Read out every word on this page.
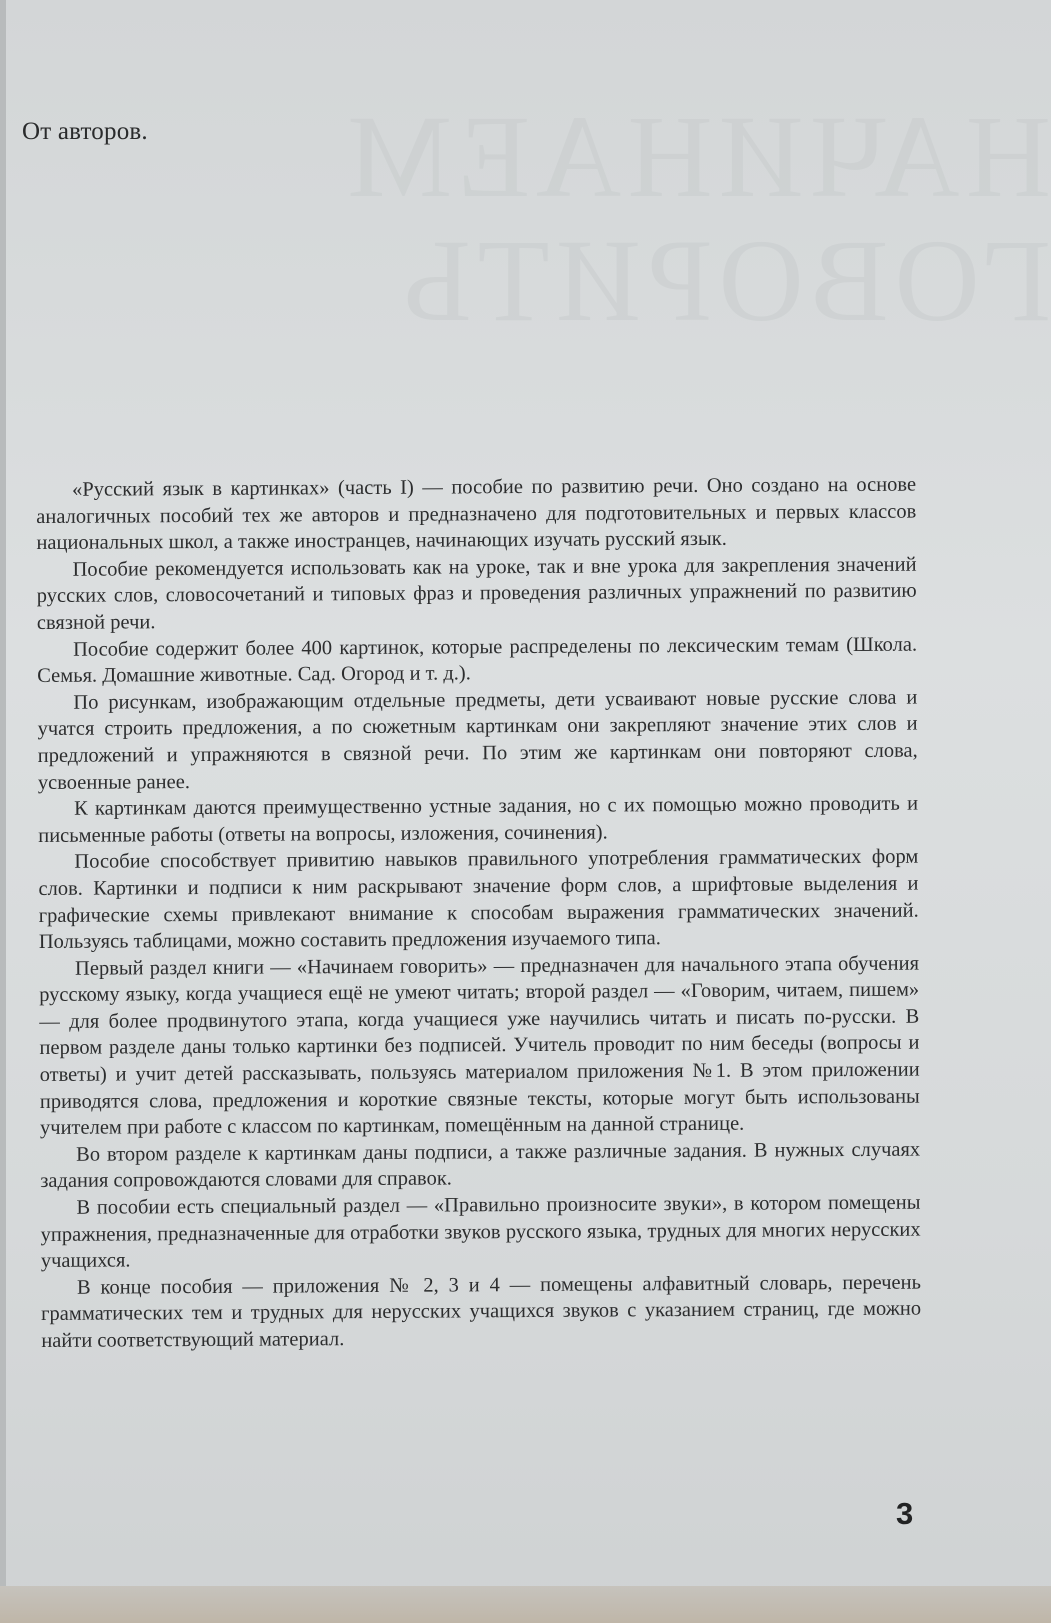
НАЧИНАЕМ
ГОВОРИТЬ
От авторов.

«Русский язык в картинках» (часть I) — пособие по развитию речи. Оно создано на основе аналогичных пособий тех же авторов и предназначено для подготовительных и первых классов национальных школ, а также иностранцев, начинающих изучать русский язык.

Пособие рекомендуется использовать как на уроке, так и вне урока для закрепления значений русских слов, словосочетаний и типовых фраз и проведения различных упражнений по развитию связной речи.

Пособие содержит более 400 картинок, которые распределены по лексическим темам (Школа. Семья. Домашние животные. Сад. Огород и т. д.).

По рисункам, изображающим отдельные предметы, дети усваивают новые русские слова и учатся строить предложения, а по сюжетным картинкам они закрепляют значение этих слов и предложений и упражняются в связной речи. По этим же картинкам они повторяют слова, усвоенные ранее.

К картинкам даются преимущественно устные задания, но с их помощью можно проводить и письменные работы (ответы на вопросы, изложения, сочинения).

Пособие способствует привитию навыков правильного употребления грамматических форм слов. Картинки и подписи к ним раскрывают значение форм слов, а шрифтовые выделения и графические схемы привлекают внимание к способам выражения грамматических значений. Пользуясь таблицами, можно составить предложения изучаемого типа.

Первый раздел книги — «Начинаем говорить» — предназначен для начального этапа обучения русскому языку, когда учащиеся ещё не умеют читать; второй раздел — «Говорим, читаем, пишем» — для более продвинутого этапа, когда учащиеся уже научились читать и писать по-русски. В первом разделе даны только картинки без подписей. Учитель проводит по ним беседы (вопросы и ответы) и учит детей рассказывать, пользуясь материалом приложения №1. В этом приложении приводятся слова, предложения и короткие связные тексты, которые могут быть использованы учителем при работе с классом по картинкам, помещённым на данной странице.

Во втором разделе к картинкам даны подписи, а также различные задания. В нужных случаях задания сопровождаются словами для справок.

В пособии есть специальный раздел — «Правильно произносите звуки», в котором помещены упражнения, предназначенные для отработки звуков русского языка, трудных для многих нерусских учащихся.

В конце пособия — приложения № 2, 3 и 4 — помещены алфавитный словарь, перечень грамматических тем и трудных для нерусских учащихся звуков с указанием страниц, где можно найти соответствующий материал.

3
